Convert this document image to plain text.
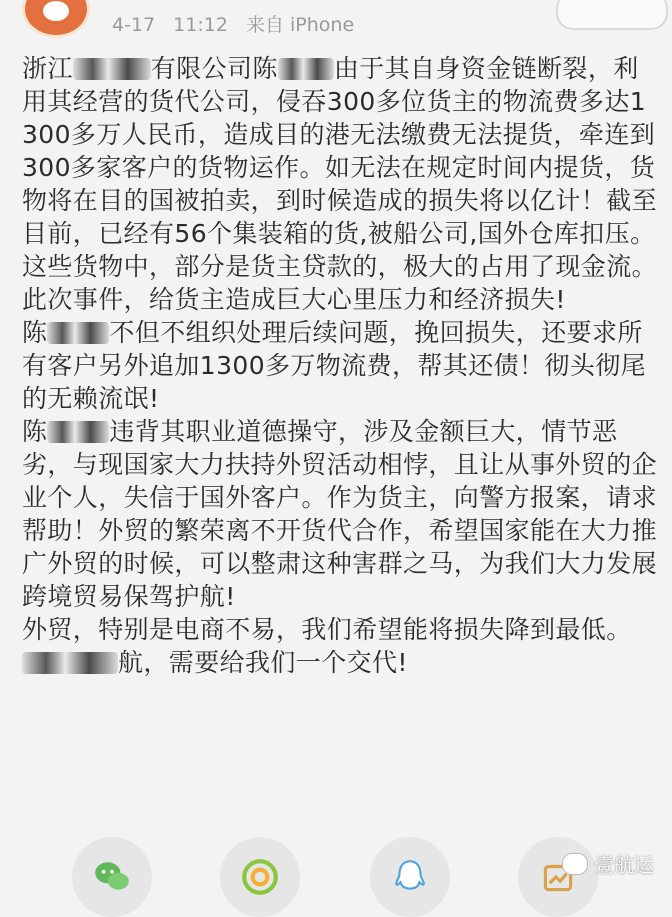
4-17 11:12 来自 iPhone

浙江	有限公司陈 由于其自身资金链断裂，利用其经营的货代公司，侵吞300多位货主的物流费多达1300多万人民币，造成目的港无法缴费无法提货，牵连到300多家客户的货物运作。如无法在规定时间内提货，货物将在目的国被拍卖，到时候造成的损失将以亿计！截至目前，已经有56个集装箱的货,被船公司,国外仓库扣压。这些货物中，部分是货主贷款的，极大的占用了现金流。此次事件，给货主造成巨大心里压力和经济损失!

陈 不但不组织处理后续问题，挽回损失，还要求所有客户另外追加1300多万物流费，帮其还债！彻头彻尾的无赖流氓!

陈 违背其职业道德操守，涉及金额巨大，情节恶劣，与现国家大力扶持外贸活动相悖，且让从事外贸的企业个人，失信于国外客户。作为货主，向警方报案，请求帮助！外贸的繁荣离不开货代合作，希望国家能在大力推广外贸的时候，可以整肃这种害群之马，为我们大力发展跨境贸易保驾护航!

外贸，特别是电商不易，我们希望能将损失降到最低。航，需要给我们一个交代!

壹航运
